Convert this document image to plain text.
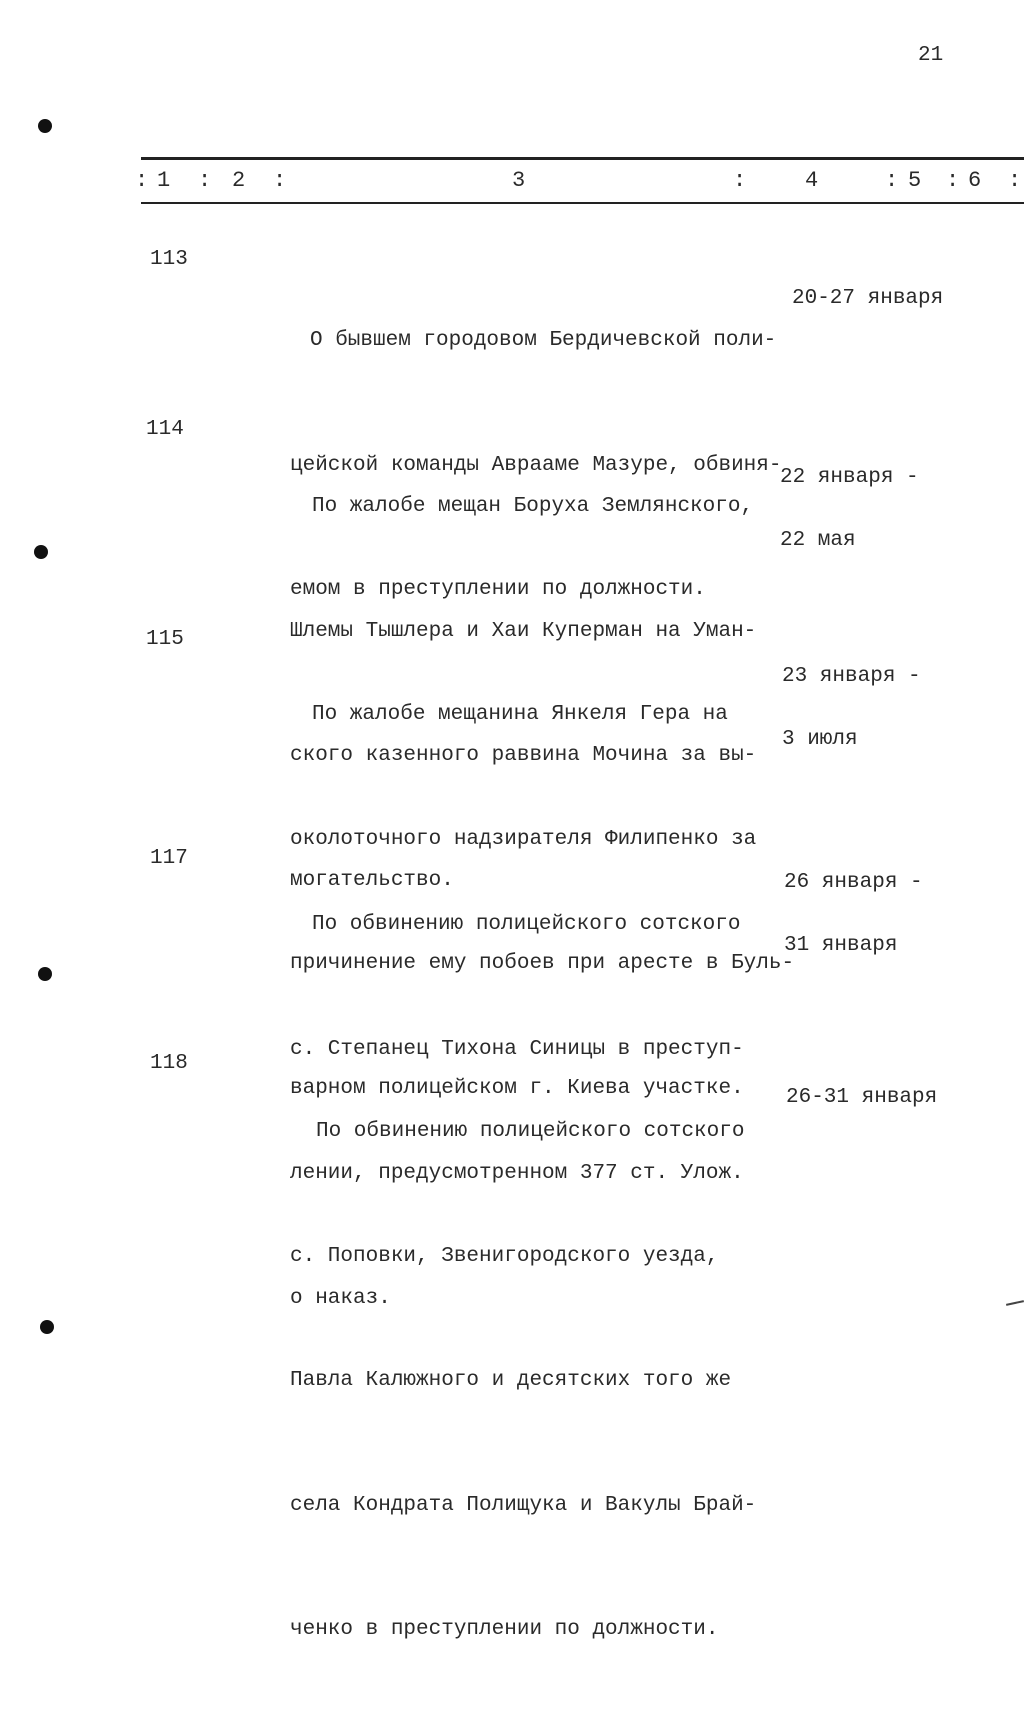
21
: 1 : 2 :	3	:	4	: 5 : 6 :
113

О бывшем городовом Бердичевской поли-

цейской команды Аврааме Мазуре, обвиня-

емом в преступлении по должности.

20-27 января

114

По жалобе мещан Боруха Землянского,

Шлемы Тышлера и Хаи Куперман на Уман-

ского казенного раввина Мочина за вы-

могательство.

22 января -

22 мая

115

По жалобе мещанина Янкеля Гера на

околоточного надзирателя Филипенко за

причинение ему побоев при аресте в Буль-

варном полицейском г. Киева участке.

23 января -

3 июля

117

По обвинению полицейского сотского

с. Степанец Тихона Синицы в преступ-

лении, предусмотренном 377 ст. Улож.

о наказ.

26 января -

31 января

118

По обвинению полицейского сотского

с. Поповки, Звенигородского уезда,

Павла Калюжного и десятских того же

села Кондрата Полищука и Вакулы Брай-

ченко в преступлении по должности.

26-31 января
